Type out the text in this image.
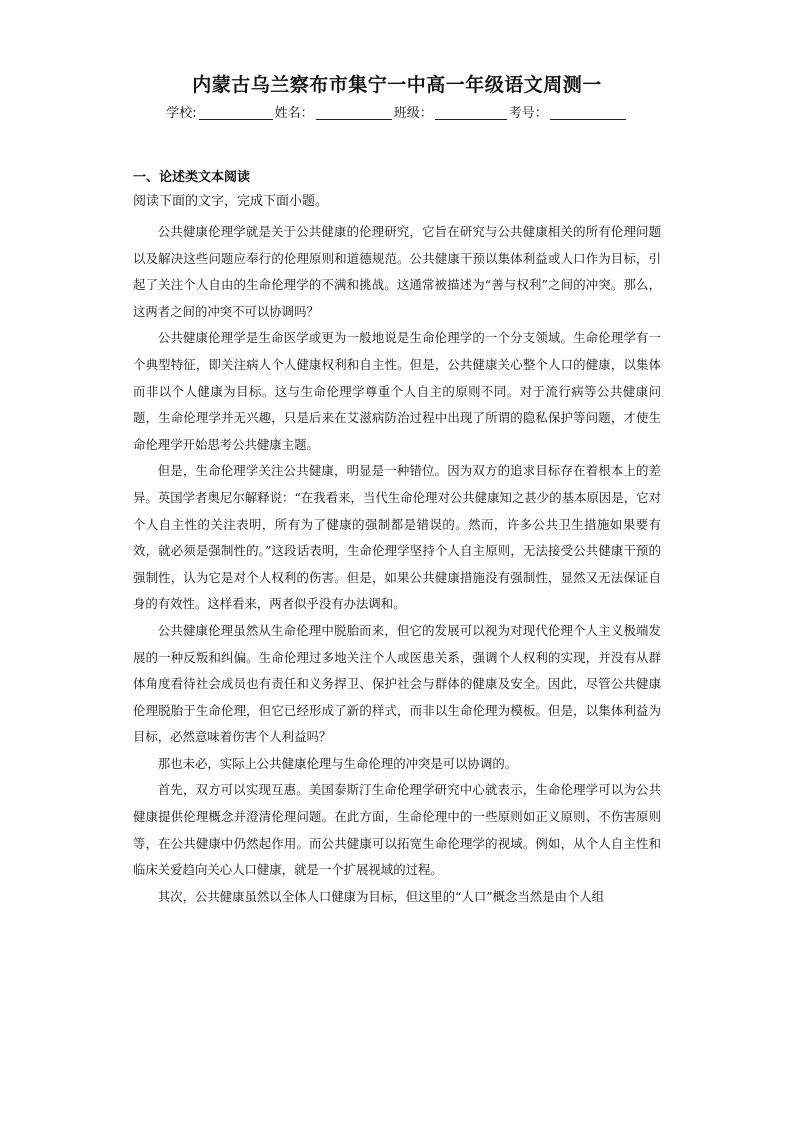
内蒙古乌兰察布市集宁一中高一年级语文周测一
学校:	姓名：	班级：	考号：
一、论述类文本阅读
阅读下面的文字，完成下面小题。

公共健康伦理学就是关于公共健康的伦理研究，它旨在研究与公共健康相关的所有伦理问题以及解决这些问题应奉行的伦理原则和道德规范。公共健康干预以集体利益或人口作为目标，引起了关注个人自由的生命伦理学的不满和挑战。这通常被描述为“善与权利”之间的冲突。那么，这两者之间的冲突不可以协调吗？

公共健康伦理学是生命医学或更为一般地说是生命伦理学的一个分支领域。生命伦理学有一个典型特征，即关注病人个人健康权利和自主性。但是，公共健康关心整个人口的健康，以集体而非以个人健康为目标。这与生命伦理学尊重个人自主的原则不同。对于流行病等公共健康问题，生命伦理学并无兴趣，只是后来在艾滋病防治过程中出现了所谓的隐私保护等问题，才使生命伦理学开始思考公共健康主题。

但是，生命伦理学关注公共健康，明显是一种错位。因为双方的追求目标存在着根本上的差异。英国学者奥尼尔解释说：“在我看来，当代生命伦理对公共健康知之甚少的基本原因是，它对个人自主性的关注表明，所有为了健康的强制都是错误的。然而，许多公共卫生措施如果要有效，就必须是强制性的。”这段话表明，生命伦理学坚持个人自主原则，无法接受公共健康干预的强制性，认为它是对个人权利的伤害。但是，如果公共健康措施没有强制性，显然又无法保证自身的有效性。这样看来，两者似乎没有办法调和。

公共健康伦理虽然从生命伦理中脱胎而来，但它的发展可以视为对现代伦理个人主义极端发展的一种反叛和纠偏。生命伦理过多地关注个人或医患关系，强调个人权利的实现，并没有从群体角度看待社会成员也有责任和义务捍卫、保护社会与群体的健康及安全。因此，尽管公共健康伦理脱胎于生命伦理，但它已经形成了新的样式，而非以生命伦理为模板。但是，以集体利益为目标，必然意味着伤害个人利益吗？

那也未必，实际上公共健康伦理与生命伦理的冲突是可以协调的。

首先，双方可以实现互惠。美国泰斯汀生命伦理学研究中心就表示，生命伦理学可以为公共健康提供伦理概念并澄清伦理问题。在此方面，生命伦理中的一些原则如正义原则、不伤害原则等，在公共健康中仍然起作用。而公共健康可以拓宽生命伦理学的视域。例如，从个人自主性和临床关爱趋向关心人口健康，就是一个扩展视域的过程。

其次，公共健康虽然以全体人口健康为目标，但这里的“人口”概念当然是由个人组
